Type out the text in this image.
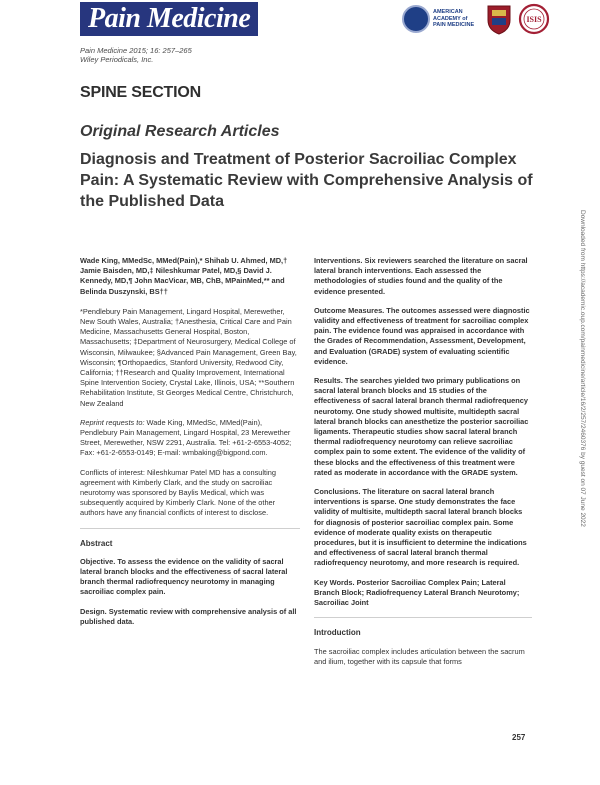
Pain Medicine	AMERICAN ACADEMY of PAIN MEDICINE
ISIS
Pain Medicine 2015; 16: 257–265
Wiley Periodicals, Inc.
SPINE SECTION
Original Research Articles
Diagnosis and Treatment of Posterior Sacroiliac Complex Pain: A Systematic Review with Comprehensive Analysis of the Published Data

Wade King, MMedSc, MMed(Pain),* Shihab U. Ahmed, MD,† Jamie Baisden, MD,‡ Nileshkumar Patel, MD,§ David J. Kennedy, MD,¶ John MacVicar, MB, ChB, MPainMed,** and Belinda Duszynski, BS††

*Pendlebury Pain Management, Lingard Hospital, Merewether, New South Wales, Australia; †Anesthesia, Critical Care and Pain Medicine, Massachusetts General Hospital, Boston, Massachusetts; ‡Department of Neurosurgery, Medical College of Wisconsin, Milwaukee; §Advanced Pain Management, Green Bay, Wisconsin; ¶Orthopaedics, Stanford University, Redwood City, California; ††Research and Quality Improvement, International Spine Intervention Society, Crystal Lake, Illinois, USA; **Southern Rehabilitation Institute, St Georges Medical Centre, Christchurch, New Zealand

Reprint requests to: Wade King, MMedSc, MMed(Pain), Pendlebury Pain Management, Lingard Hospital, 23 Merewether Street, Merewether, NSW 2291, Australia. Tel: +61-2-6553-4052; Fax: +61-2-6553-0149; E-mail: wmbaking@bigpond.com.

Conflicts of interest: Nileshkumar Patel MD has a consulting agreement with Kimberly Clark, and the study on sacroiliac neurotomy was sponsored by Baylis Medical, which was subsequently acquired by Kimberly Clark. None of the other authors have any financial conflicts of interest to disclose.

Abstract

Objective. To assess the evidence on the validity of sacral lateral branch blocks and the effectiveness of sacral lateral branch thermal radiofrequency neurotomy in managing sacroiliac complex pain.

Design. Systematic review with comprehensive analysis of all published data.

Interventions. Six reviewers searched the literature on sacral lateral branch interventions. Each assessed the methodologies of studies found and the quality of the evidence presented.

Outcome Measures. The outcomes assessed were diagnostic validity and effectiveness of treatment for sacroiliac complex pain. The evidence found was appraised in accordance with the Grades of Recommendation, Assessment, Development, and Evaluation (GRADE) system of evaluating scientific evidence.

Results. The searches yielded two primary publications on sacral lateral branch blocks and 15 studies of the effectiveness of sacral lateral branch thermal radiofrequency neurotomy. One study showed multisite, multidepth sacral lateral branch blocks can anesthetize the posterior sacroiliac ligaments. Therapeutic studies show sacral lateral branch thermal radiofrequency neurotomy can relieve sacroiliac complex pain to some extent. The evidence of the validity of these blocks and the effectiveness of this treatment were rated as moderate in accordance with the GRADE system.

Conclusions. The literature on sacral lateral branch interventions is sparse. One study demonstrates the face validity of multisite, multidepth sacral lateral branch blocks for diagnosis of posterior sacroiliac complex pain. Some evidence of moderate quality exists on therapeutic procedures, but it is insufficient to determine the indications and effectiveness of sacral lateral branch thermal radiofrequency neurotomy, and more research is required.

Key Words. Posterior Sacroiliac Complex Pain; Lateral Branch Block; Radiofrequency Lateral Branch Neurotomy; Sacroiliac Joint

Introduction

The sacroiliac complex includes articulation between the sacrum and ilium, together with its capsule that forms

Downloaded from https://academic.oup.com/painmedicine/article/16/2/257/2460376 by guest on 07 June 2022
257
